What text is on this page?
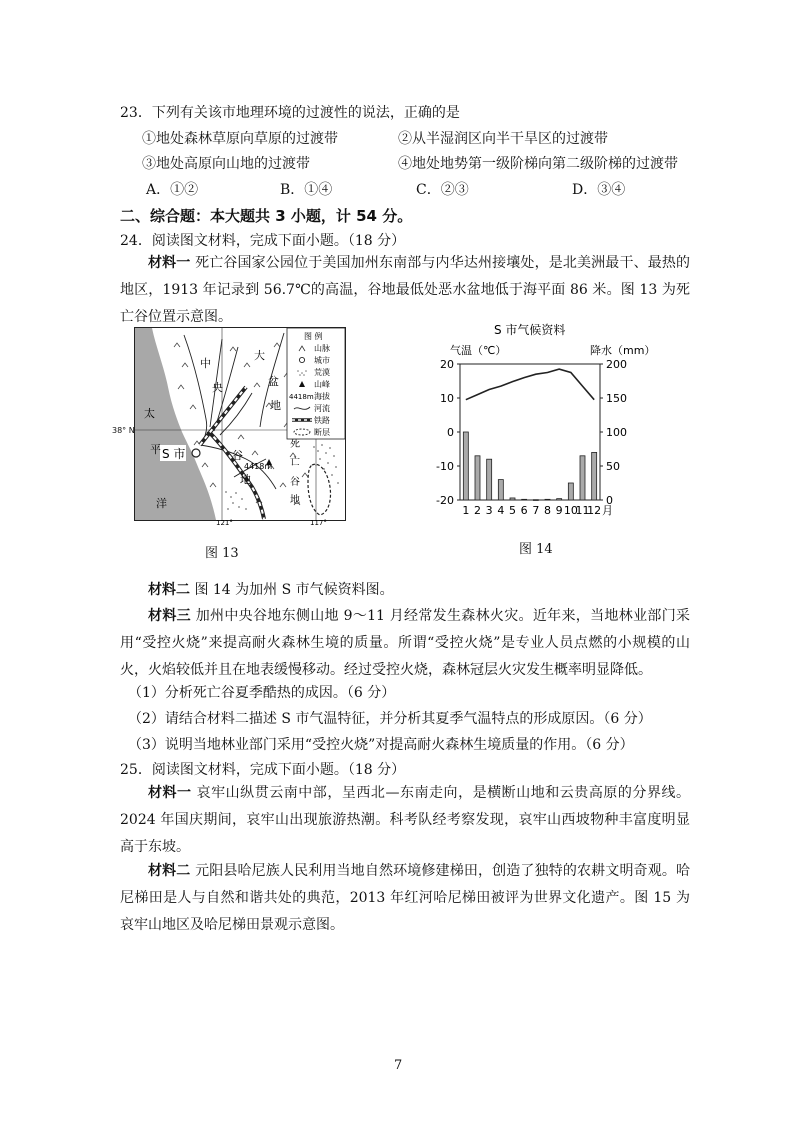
23．下列有关该市地理环境的过渡性的说法，正确的是
①地处森林草原向草原的过渡带	②从半湿润区向半干旱区的过渡带
③地处高原向山地的过渡带	④地处地势第一级阶梯向第二级阶梯的过渡带
A．①②	B．①④	C．②③	D．③④
二、综合题：本大题共 3 小题，计 54 分。
24．阅读图文材料，完成下面小题。（18 分）
材料一 死亡谷国家公园位于美国加州东南部与内华达州接壤处，是北美洲最干、最热的地区，1913 年记录到 56.7℃的高温，谷地最低处恶水盆地低于海平面 86 米。图 13 为死亡谷位置示意图。
S 市
4418m
中
央
谷
地
大
盆
地
太
平
洋
死
亡
谷
地
图 例
山脉
城市
荒漠
山峰
海拔
河流
铁路
断层
4418m
121°	117°
38° N
图 13
S 市气候资料
气温（℃）	降水（mm）
20
10
0
-10
-20
200
150
100
50
0
1 2 3 4 5 6 7 8 9 10
11
12 月
图 14
材料二 图 14 为加州 S 市气候资料图。
材料三 加州中央谷地东侧山地 9～11 月经常发生森林火灾。近年来，当地林业部门采用“受控火烧”来提高耐火森林生境的质量。所谓“受控火烧”是专业人员点燃的小规模的山火，火焰较低并且在地表缓慢移动。经过受控火烧，森林冠层火灾发生概率明显降低。
（1）分析死亡谷夏季酷热的成因。（6 分）
（2）请结合材料二描述 S 市气温特征，并分析其夏季气温特点的形成原因。（6 分）
（3）说明当地林业部门采用“受控火烧”对提高耐火森林生境质量的作用。（6 分）
25．阅读图文材料，完成下面小题。（18 分）
材料一 哀牢山纵贯云南中部，呈西北—东南走向，是横断山地和云贵高原的分界线。2024 年国庆期间，哀牢山出现旅游热潮。科考队经考察发现，哀牢山西坡物种丰富度明显高于东坡。
材料二 元阳县哈尼族人民利用当地自然环境修建梯田，创造了独特的农耕文明奇观。哈尼梯田是人与自然和谐共处的典范，2013 年红河哈尼梯田被评为世界文化遗产。图 15 为哀牢山地区及哈尼梯田景观示意图。
7
